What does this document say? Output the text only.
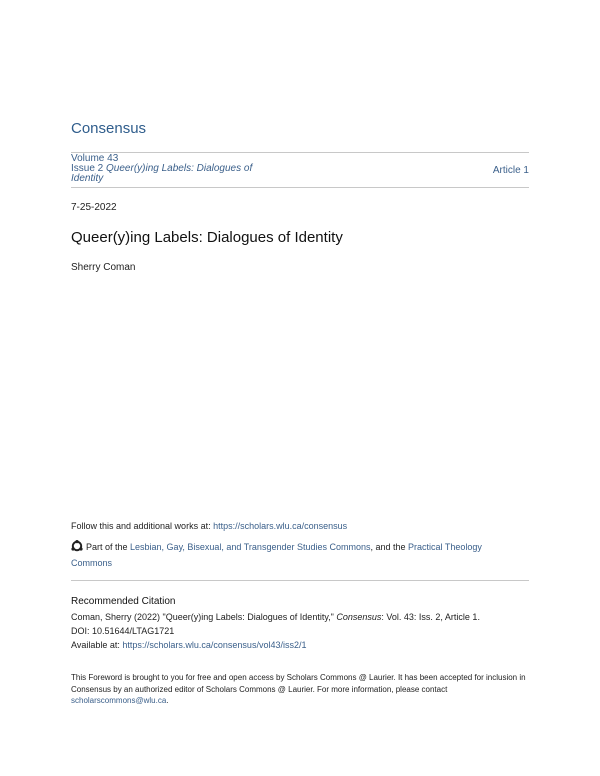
Consensus
Volume 43
Issue 2 Queer(y)ing Labels: Dialogues of
Identity
Article 1
7-25-2022
Queer(y)ing Labels: Dialogues of Identity
Sherry Coman
Follow this and additional works at: https://scholars.wlu.ca/consensus
Part of the Lesbian, Gay, Bisexual, and Transgender Studies Commons, and the Practical Theology
Commons
Recommended Citation
Coman, Sherry (2022) "Queer(y)ing Labels: Dialogues of Identity," Consensus: Vol. 43: Iss. 2, Article 1.
DOI: 10.51644/LTAG1721
Available at: https://scholars.wlu.ca/consensus/vol43/iss2/1
This Foreword is brought to you for free and open access by Scholars Commons @ Laurier. It has been accepted for inclusion in Consensus by an authorized editor of Scholars Commons @ Laurier. For more information, please contact scholarscommons@wlu.ca.
